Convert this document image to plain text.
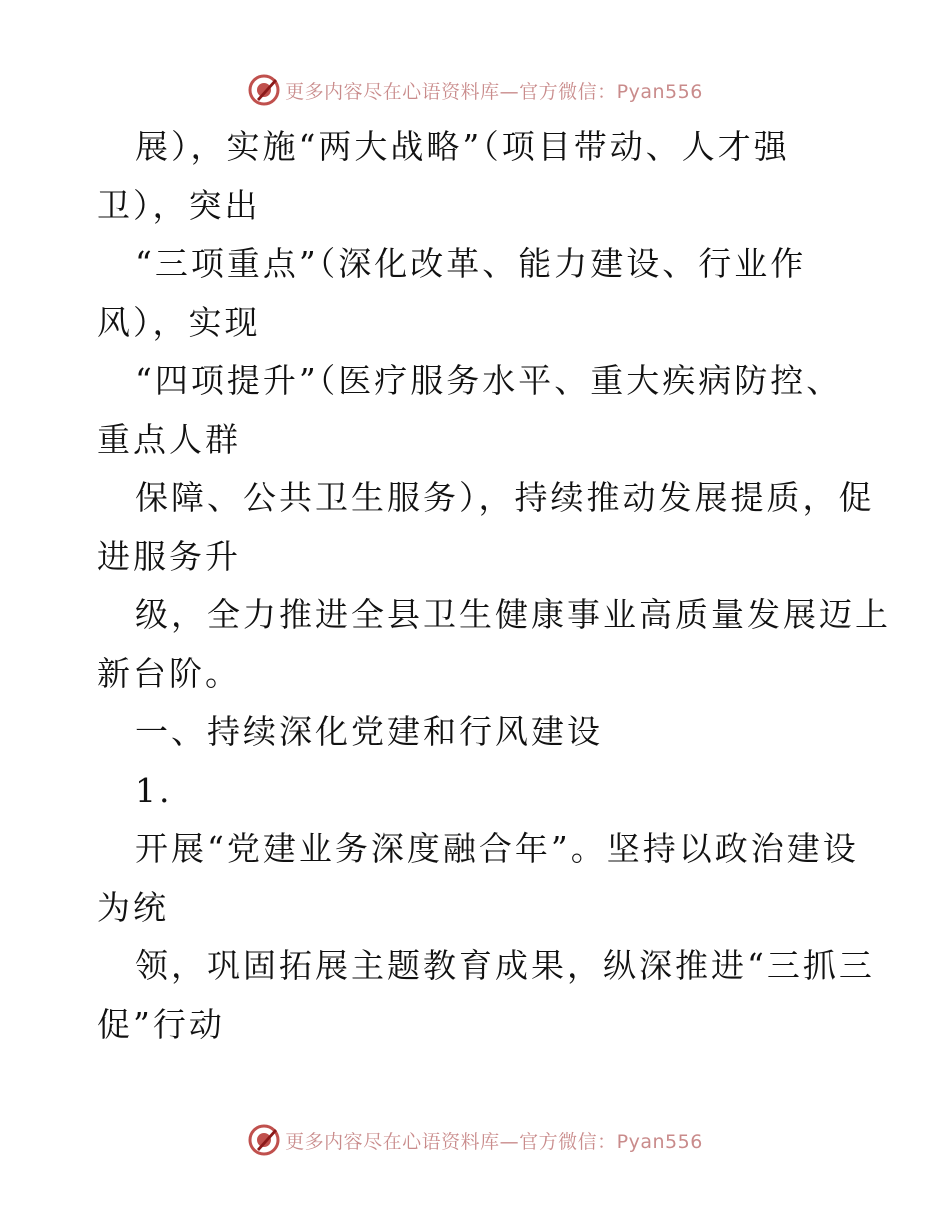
更多内容尽在心语资料库—官方微信：Pyan556
展），实施“两大战略”（项目带动、人才强
卫），突出
“三项重点”（深化改革、能力建设、行业作
风），实现
“四项提升”（医疗服务水平、重大疾病防控、
重点人群
保障、公共卫生服务），持续推动发展提质，促
进服务升
级，全力推进全县卫生健康事业高质量发展迈上
新台阶。
一、持续深化党建和行风建设
1.
开展“党建业务深度融合年”。坚持以政治建设
为统
领，巩固拓展主题教育成果，纵深推进“三抓三
促”行动
更多内容尽在心语资料库—官方微信：Pyan556
